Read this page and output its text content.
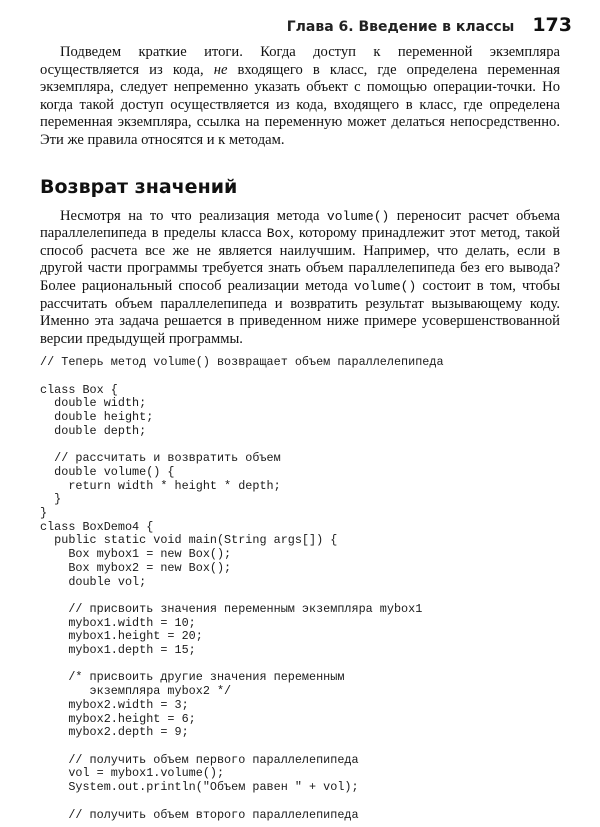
Глава 6. Введение в классы 173

Подведем краткие итоги. Когда доступ к переменной экземпляра осуществляется из кода, не входящего в класс, где определена переменная экземпляра, следует непременно указать объект с помощью операции-точки. Но когда такой доступ осуществляется из кода, входящего в класс, где определена переменная экземпляра, ссылка на переменную может делаться непосредственно. Эти же правила относятся и к методам.

Возврат значений

Несмотря на то что реализация метода volume() переносит расчет объема параллелепипеда в пределы класса Box, которому принадлежит этот метод, такой способ расчета все же не является наилучшим. Например, что делать, если в другой части программы требуется знать объем параллелепипеда без его вывода? Более рациональный способ реализации метода volume() состоит в том, чтобы рассчитать объем параллелепипеда и возвратить результат вызывающему коду. Именно эта задача решается в приведенном ниже примере усовершенствованной версии предыдущей программы.

// Теперь метод volume() возвращает объем параллелепипеда

class Box {
double width;
double height;
double depth;

// рассчитать и возвратить объем
double volume() {
return width * height * depth;
}
}
class BoxDemo4 {
public static void main(String args[]) {
Box mybox1 = new Box();
Box mybox2 = new Box();
double vol;

// присвоить значения переменным экземпляра mybox1
mybox1.width = 10;
mybox1.height = 20;
mybox1.depth = 15;

/* присвоить другие значения переменным
экземпляра mybox2 */
mybox2.width = 3;
mybox2.height = 6;
mybox2.depth = 9;

// получить объем первого параллелепипеда
vol = mybox1.volume();
System.out.println("Объем равен " + vol);

// получить объем второго параллелепипеда
